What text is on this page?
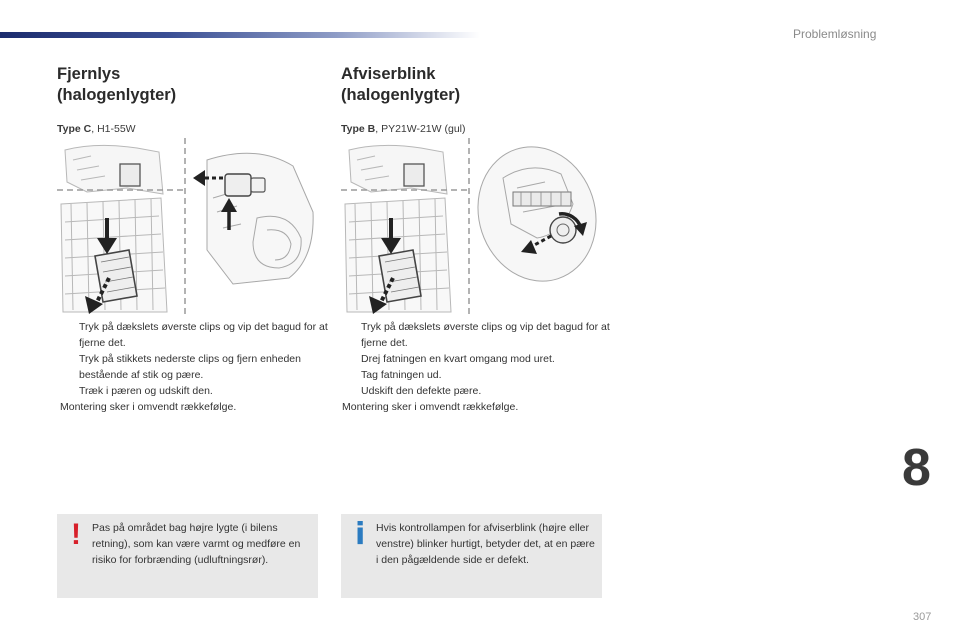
Problemløsning
Fjernlys
(halogenlygter)
Type C, H1-55W
Tryk på dækslets øverste clips og vip det bagud for at fjerne det.
Tryk på stikkets nederste clips og fjern enheden bestående af stik og pære.
Træk i pæren og udskift den.
Montering sker i omvendt rækkefølge.
Afviserblink
(halogenlygter)
Type B, PY21W-21W (gul)
Tryk på dækslets øverste clips og vip det bagud for at fjerne det.
Drej fatningen en kvart omgang mod uret.
Tag fatningen ud.
Udskift den defekte pære.
Montering sker i omvendt rækkefølge.
! Pas på området bag højre lygte (i bilens retning), som kan være varmt og medføre en risiko for forbrænding (udluftningsrør).
i Hvis kontrollampen for afviserblink (højre eller venstre) blinker hurtigt, betyder det, at en pære i den pågældende side er defekt.
8
307
